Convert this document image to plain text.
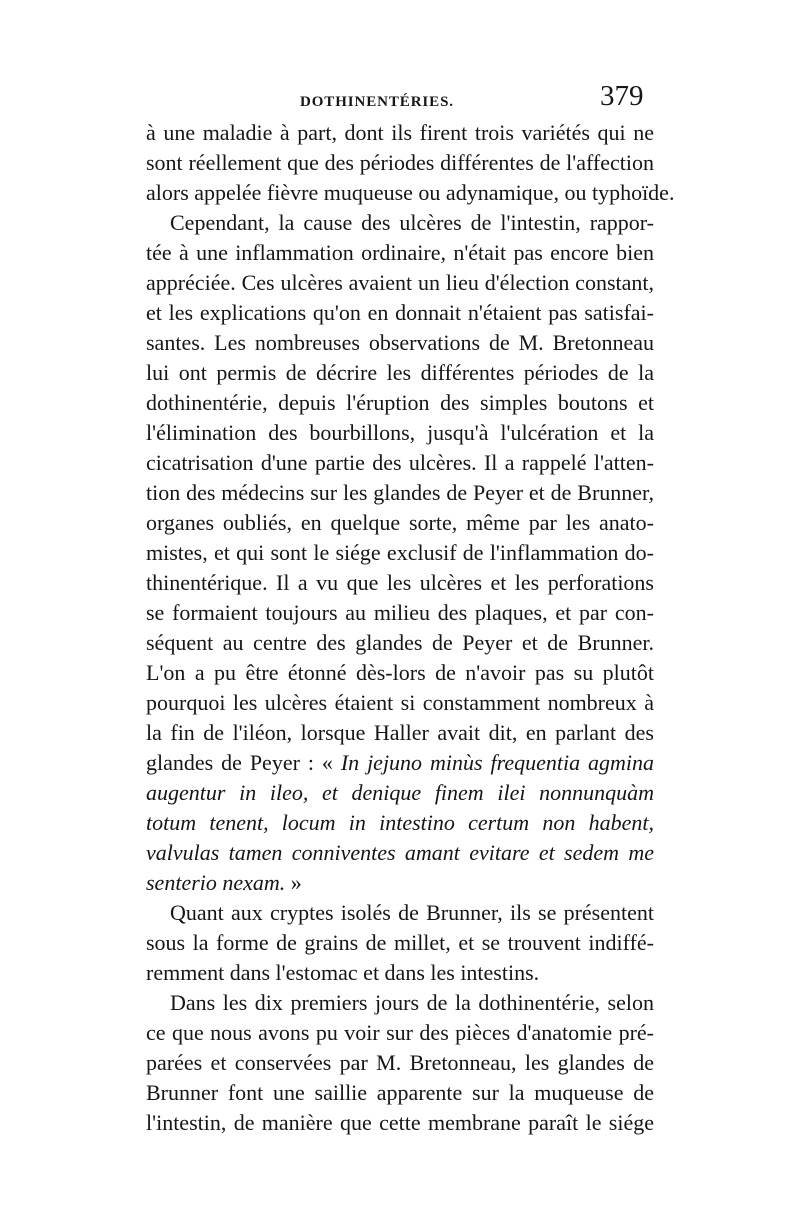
DOTHINENTÉRIES.	379
à une maladie à part, dont ils firent trois variétés qui ne
sont réellement que des périodes différentes de l'affection
alors appelée fièvre muqueuse ou adynamique, ou typhoïde.
Cependant, la cause des ulcères de l'intestin, rappor-
tée à une inflammation ordinaire, n'était pas encore bien
appréciée. Ces ulcères avaient un lieu d'élection constant,
et les explications qu'on en donnait n'étaient pas satisfai-
santes. Les nombreuses observations de M. Bretonneau
lui ont permis de décrire les différentes périodes de la
dothinentérie, depuis l'éruption des simples boutons et
l'élimination des bourbillons, jusqu'à l'ulcération et la
cicatrisation d'une partie des ulcères. Il a rappelé l'atten-
tion des médecins sur les glandes de Peyer et de Brunner,
organes oubliés, en quelque sorte, même par les anato-
mistes, et qui sont le siége exclusif de l'inflammation do-
thinentérique. Il a vu que les ulcères et les perforations
se formaient toujours au milieu des plaques, et par con-
séquent au centre des glandes de Peyer et de Brunner.
L'on a pu être étonné dès-lors de n'avoir pas su plutôt
pourquoi les ulcères étaient si constamment nombreux à
la fin de l'iléon, lorsque Haller avait dit, en parlant des
glandes de Peyer : « In jejuno minùs frequentia agmina
augentur in ileo, et denique finem ilei nonnunquàm
totum tenent, locum in intestino certum non habent,
valvulas tamen conniventes amant evitare et sedem me
senterio nexam. »
Quant aux cryptes isolés de Brunner, ils se présentent
sous la forme de grains de millet, et se trouvent indiffé-
remment dans l'estomac et dans les intestins.
Dans les dix premiers jours de la dothinentérie, selon
ce que nous avons pu voir sur des pièces d'anatomie pré-
parées et conservées par M. Bretonneau, les glandes de
Brunner font une saillie apparente sur la muqueuse de
l'intestin, de manière que cette membrane paraît le siége
